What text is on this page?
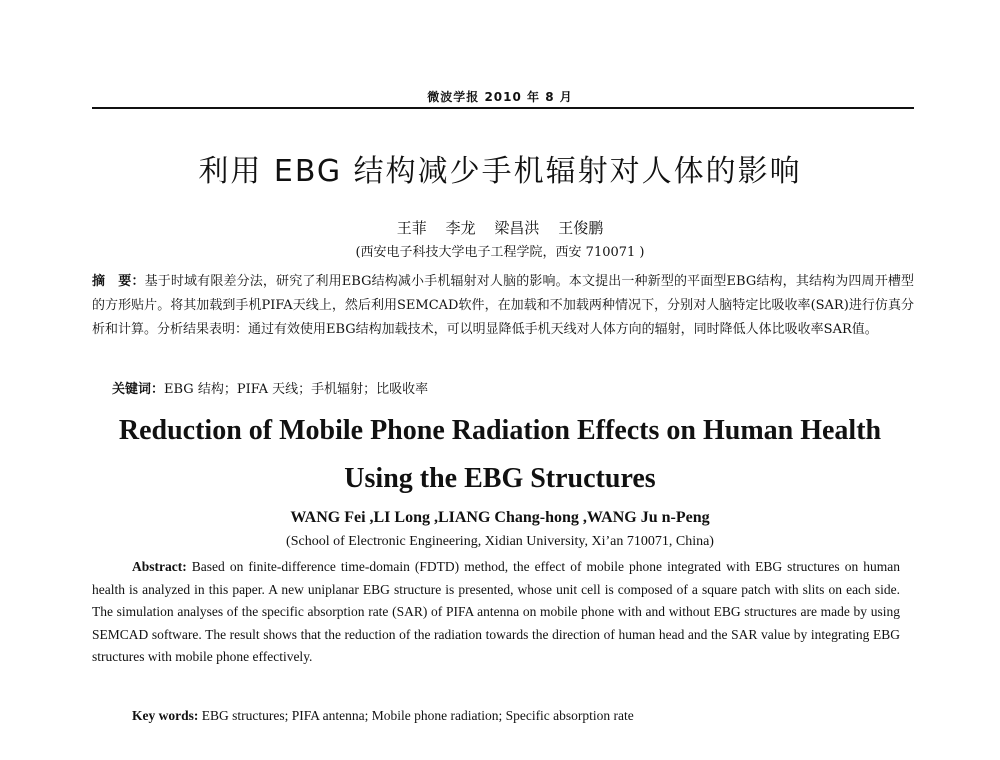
微波学报 2010 年 8 月
利用 EBG 结构减少手机辐射对人体的影响
王菲 李龙 梁昌洪 王俊鹏
(西安电子科技大学电子工程学院，西安 710071 )
摘　要：基于时域有限差分法，研究了利用EBG结构减小手机辐射对人脑的影响。本文提出一种新型的平面型EBG结构，其结构为四周开槽型的方形贴片。将其加载到手机PIFA天线上，然后利用SEMCAD软件，在加载和不加载两种情况下，分别对人脑特定比吸收率(SAR)进行仿真分析和计算。分析结果表明：通过有效使用EBG结构加载技术，可以明显降低手机天线对人体方向的辐射，同时降低人体比吸收率SAR值。
关键词：EBG 结构；PIFA 天线；手机辐射；比吸收率
Reduction of Mobile Phone Radiation Effects on Human Health
Using the EBG Structures
WANG Fei ,LI Long ,LIANG Chang-hong ,WANG Ju n-Peng
(School of Electronic Engineering, Xidian University, Xi’an 710071, China)
Abstract: Based on finite-difference time-domain (FDTD) method, the effect of mobile phone integrated with EBG structures on human health is analyzed in this paper. A new uniplanar EBG structure is presented, whose unit cell is composed of a square patch with slits on each side. The simulation analyses of the specific absorption rate (SAR) of PIFA antenna on mobile phone with and without EBG structures are made by using SEMCAD software. The result shows that the reduction of the radiation towards the direction of human head and the SAR value by integrating EBG structures with mobile phone effectively.
Key words: EBG structures; PIFA antenna; Mobile phone radiation; Specific absorption rate
